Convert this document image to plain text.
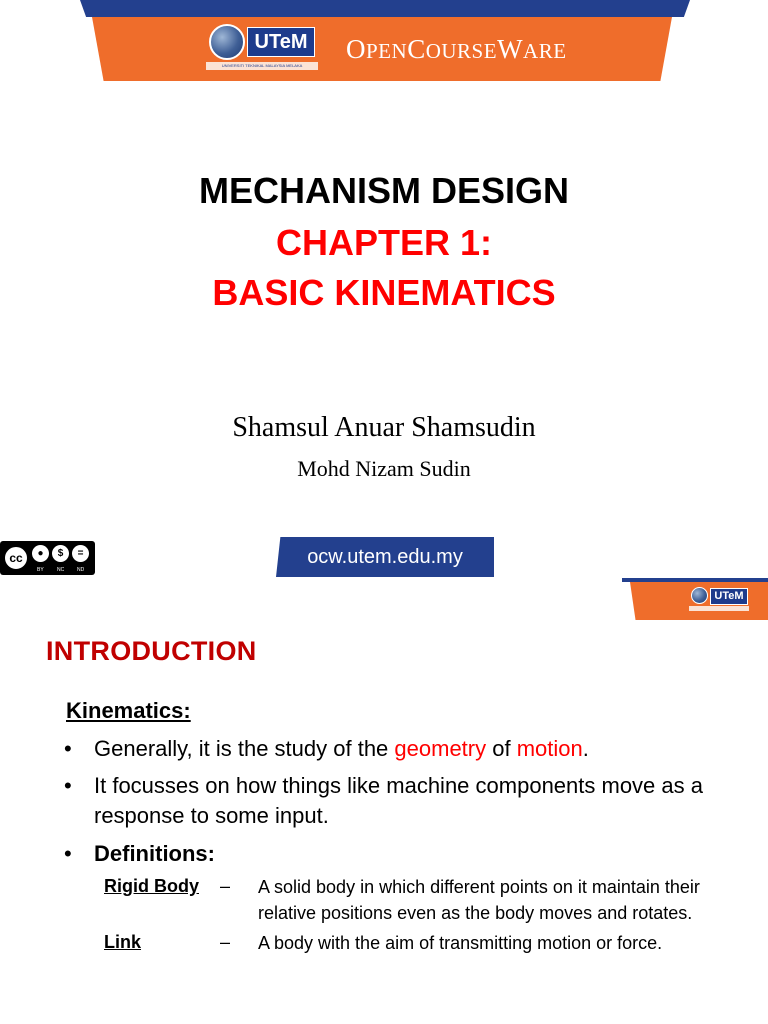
UTeM
UNIVERSITI TEKNIKAL MALAYSIA MELAKA
OPENCOURSEWARE
MECHANISM DESIGN
CHAPTER 1:
BASIC KINEMATICS
Shamsul Anuar Shamsudin
Mohd Nizam Sudin
cc	●	$	=
BY	NC	ND
ocw.utem.edu.my
UTeM
INTRODUCTION
Kinematics:
• Generally, it is the study of the geometry of motion.
• It focusses on how things like machine components move as a
response to some input.
• Definitions:
Rigid Body – A solid body in which different points on it maintain their
relative positions even as the body moves and rotates.
Link	– A body with the aim of transmitting motion or force.
